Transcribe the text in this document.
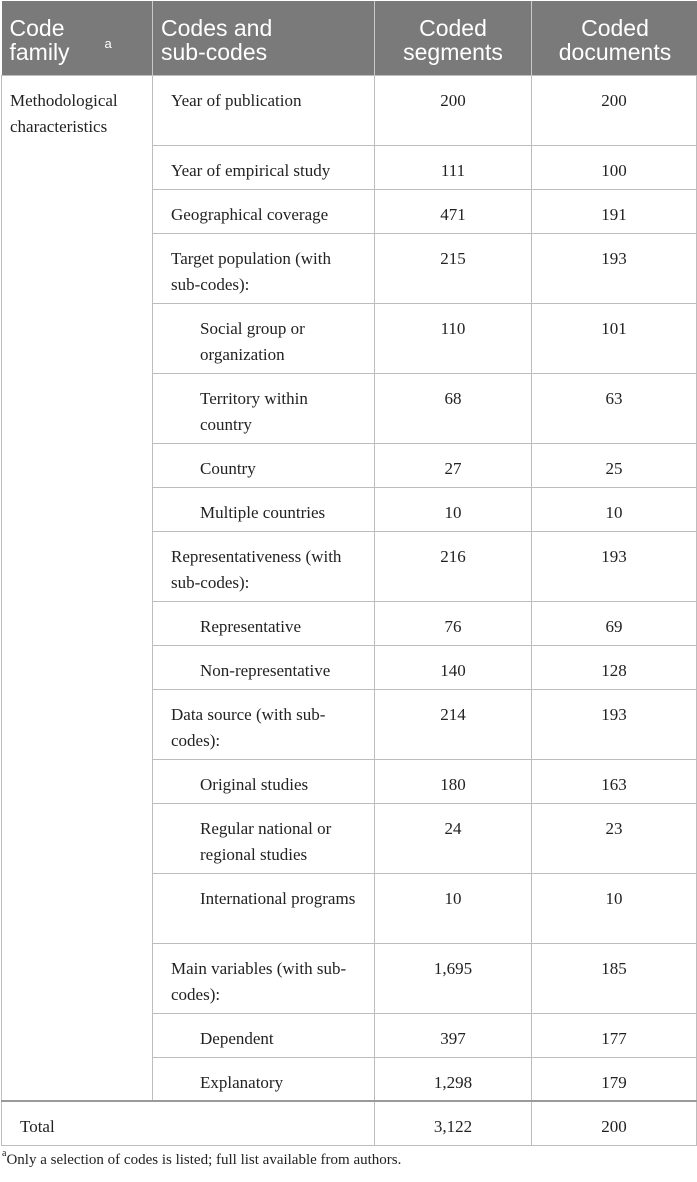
Code family $^a$	Codes and sub-codes	Coded segments	Coded documents
Methodological characteristics	Year of publication	200	200
	Year of empirical study	111	100
	Geographical coverage	471	191
	Target population (with sub-codes):	215	193
	Social group or organization	110	101
	Territory within country	68	63
	Country	27	25
	Multiple countries	10	10
	Representativeness (with sub-codes):	216	193
	Representative	76	69
	Non-representative	140	128
	Data source (with sub-codes):	214	193
	Original studies	180	163
	Regular national or regional studies	24	23
	International programs	10	10
	Main variables (with sub-codes):	1,695	185
	Dependent	397	177
	Explanatory	1,298	179
Total		3,122	200
$^a$Only a selection of codes is listed; full list available from authors.
